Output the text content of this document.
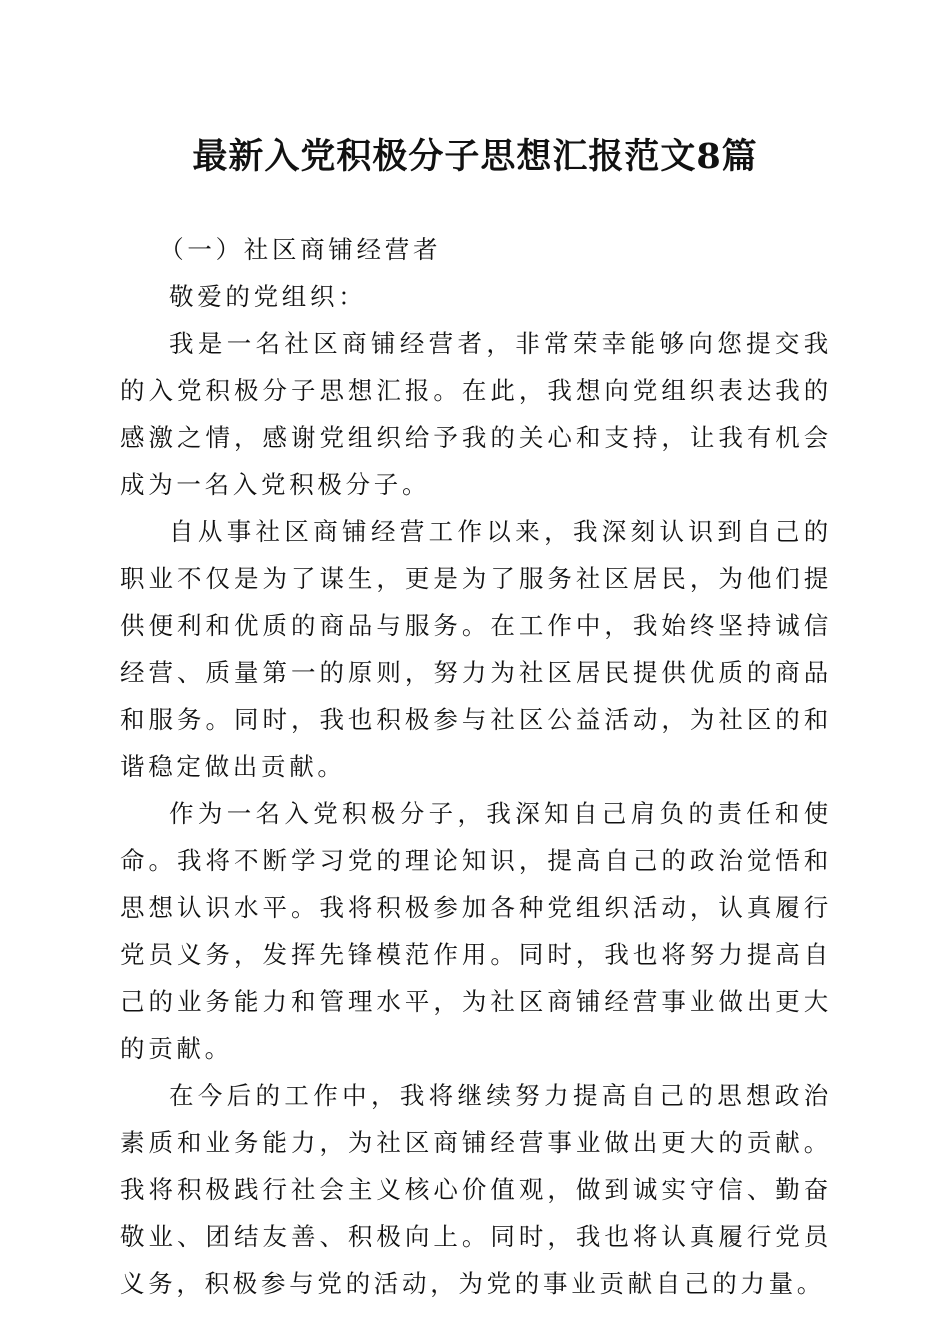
最新入党积极分子思想汇报范文8篇

（一）社区商铺经营者

敬爱的党组织：

我是一名社区商铺经营者，非常荣幸能够向您提交我的入党积极分子思想汇报。在此，我想向党组织表达我的感激之情，感谢党组织给予我的关心和支持，让我有机会成为一名入党积极分子。

自从事社区商铺经营工作以来，我深刻认识到自己的职业不仅是为了谋生，更是为了服务社区居民，为他们提供便利和优质的商品与服务。在工作中，我始终坚持诚信经营、质量第一的原则，努力为社区居民提供优质的商品和服务。同时，我也积极参与社区公益活动，为社区的和谐稳定做出贡献。

作为一名入党积极分子，我深知自己肩负的责任和使命。我将不断学习党的理论知识，提高自己的政治觉悟和思想认识水平。我将积极参加各种党组织活动，认真履行党员义务，发挥先锋模范作用。同时，我也将努力提高自己的业务能力和管理水平，为社区商铺经营事业做出更大的贡献。

在今后的工作中，我将继续努力提高自己的思想政治素质和业务能力，为社区商铺经营事业做出更大的贡献。我将积极践行社会主义核心价值观，做到诚实守信、勤奋敬业、团结友善、积极向上。同时，我也将认真履行党员义务，积极参与党的活动，为党的事业贡献自己的力量。
